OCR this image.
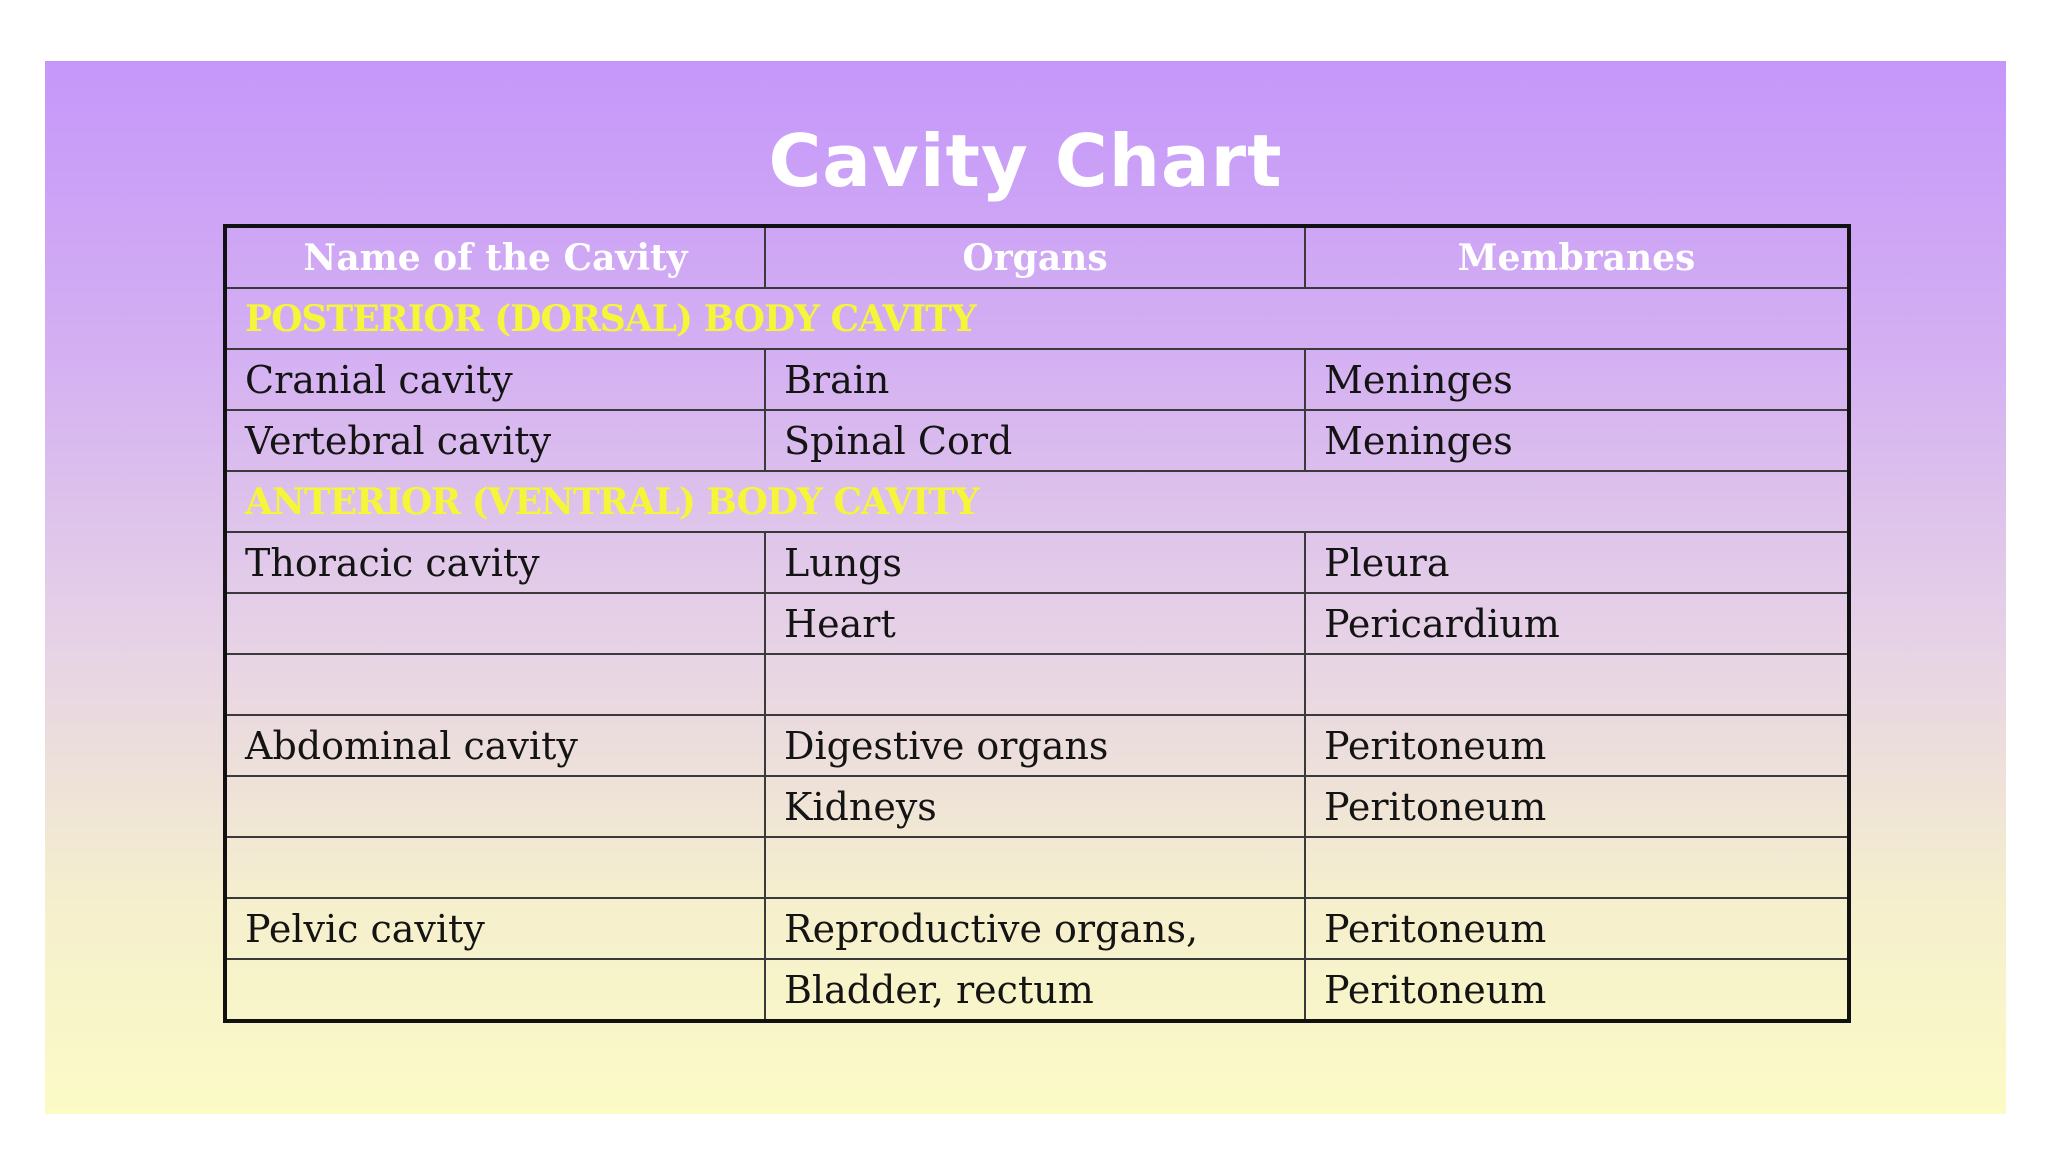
Cavity Chart
Name of the Cavity	Organs	Membranes
POSTERIOR (DORSAL) BODY CAVITY		
Cranial cavity	Brain	Meninges
Vertebral cavity	Spinal Cord	Meninges
ANTERIOR (VENTRAL) BODY CAVITY		
Thoracic cavity	Lungs	Pleura
	Heart	Pericardium

Abdominal cavity	Digestive organs	Peritoneum
	Kidneys	Peritoneum

Pelvic cavity	Reproductive organs,	Peritoneum
	Bladder, rectum	Peritoneum
